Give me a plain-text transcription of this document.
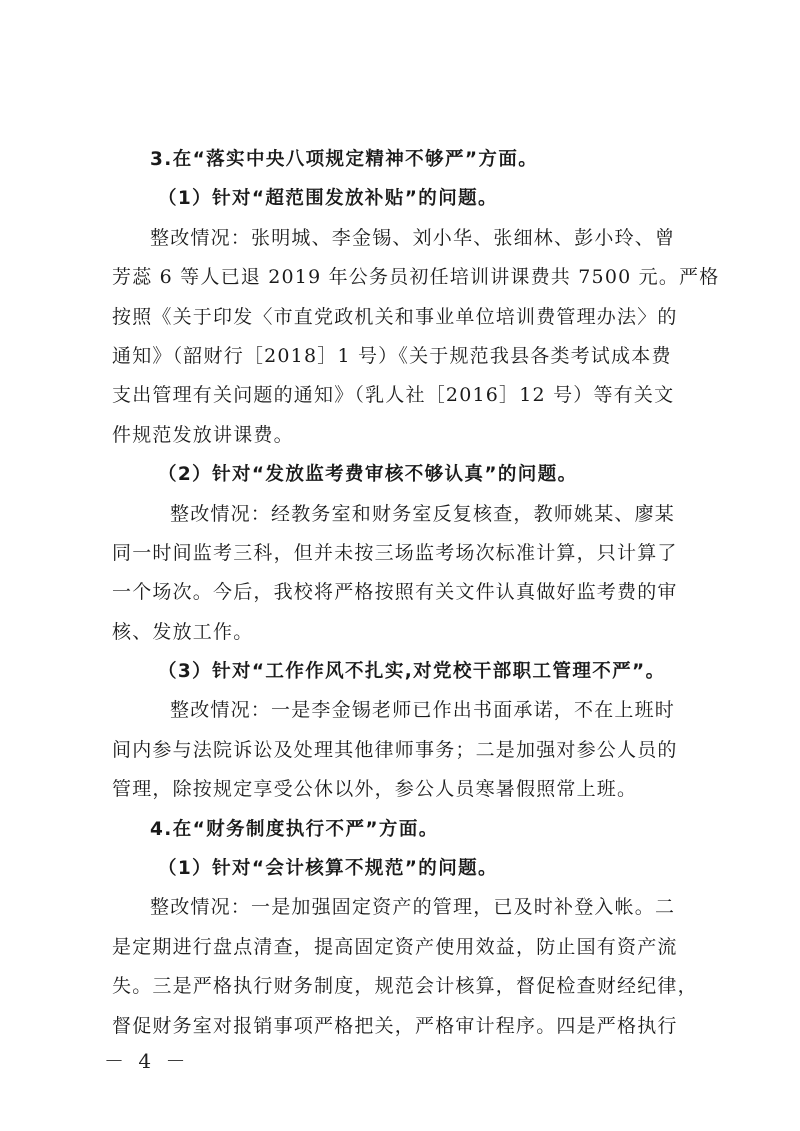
3.在“落实中央八项规定精神不够严”方面。
（1）针对“超范围发放补贴”的问题。
整改情况：张明城、李金锡、刘小华、张细林、彭小玲、曾
芳蕊 6 等人已退 2019 年公务员初任培训讲课费共 7500 元。严格
按照《关于印发〈市直党政机关和事业单位培训费管理办法〉的
通知》（韶财行［2018］1 号）《关于规范我县各类考试成本费
支出管理有关问题的通知》（乳人社［2016］12 号）等有关文
件规范发放讲课费。
（2）针对“发放监考费审核不够认真”的问题。
整改情况：经教务室和财务室反复核查，教师姚某、廖某
同一时间监考三科，但并未按三场监考场次标准计算，只计算了
一个场次。今后，我校将严格按照有关文件认真做好监考费的审
核、发放工作。
（3）针对“工作作风不扎实,对党校干部职工管理不严”。
整改情况：一是李金锡老师已作出书面承诺，不在上班时
间内参与法院诉讼及处理其他律师事务；二是加强对参公人员的
管理，除按规定享受公休以外，参公人员寒暑假照常上班。
4.在“财务制度执行不严”方面。
（1）针对“会计核算不规范”的问题。
整改情况：一是加强固定资产的管理，已及时补登入帐。二
是定期进行盘点清查，提高固定资产使用效益，防止国有资产流
失。三是严格执行财务制度，规范会计核算，督促检查财经纪律，
督促财务室对报销事项严格把关，严格审计程序。四是严格执行
－ 4 －
